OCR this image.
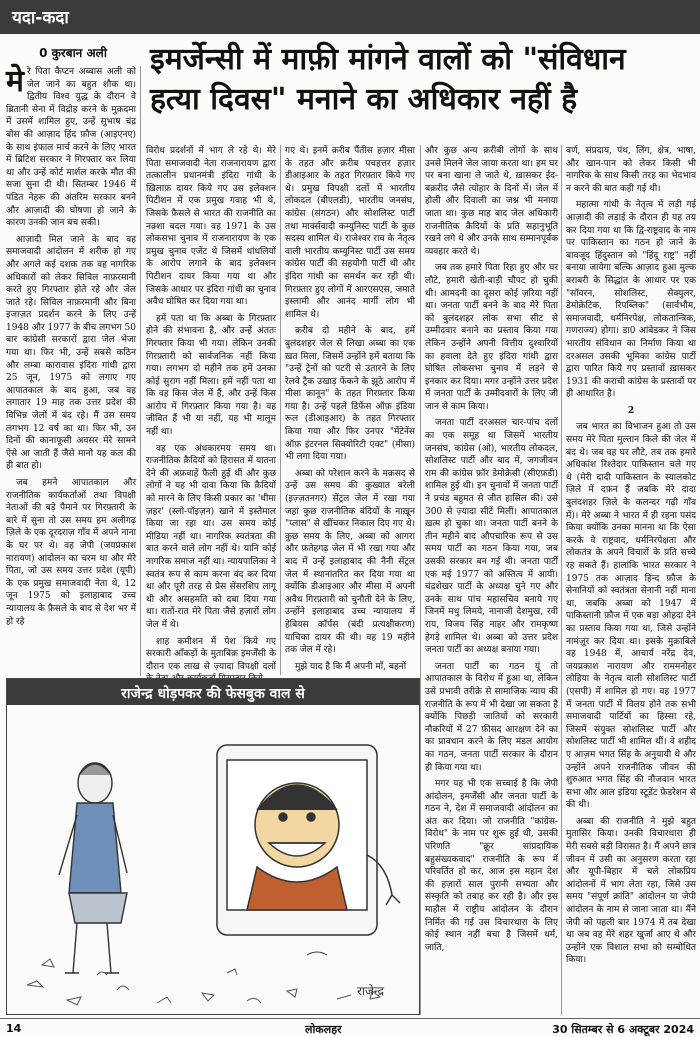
यदा-कदा
0 कुरबान अली	इमर्जेन्सी में माफ़ी मांगने वालों को "संविधान
हत्या दिवस" मनाने का अधिकार नहीं है
मे रे पिता कैप्टन अब्बास अली को जेल जाने का बहुत शौक था। द्वितीय विश्व युद्ध के दौरान वे ब्रितानी सेना में विद्रोह करने के मुक़दमा में उसमें शामिल हुए, उन्हें सुभाष चंद्र बोस की आज़ाद हिंद फ़ौज (आइएनए) के साथ इंफाल मार्च करने के लिए भारत में ब्रिटिश सरकार ने गिरफ्तार कर लिया था और उन्हें कोर्ट मार्शल करके मौत की सजा सुना दी थी। सितम्बर 1946 में पंडित नेहरू की अंतरिम सरकार बनने और आज़ादी की घोषणा हो जाने के कारण उनकी जान बच सकी।

आज़ादी मिल जाने के बाद वह समाजवादी आंदोलन में शरीक हो गए और अगले कई दशक तक वह नागरिक अधिकारों को लेकर सिविल नाफ़रमानी करते हुए गिरफ्तार होते रहे और जेल जाते रहे। सिविल नाफ़रमानी और बिना इजाज़त प्रदर्शन करने के लिए उन्हें 1948 और 1977 के बीच लगभग 50 बार कांग्रेसी सरकारों द्वारा जेल भेजा गया था। फिर भी, उन्हें सबसे कठिन और लम्बा कारावास इंदिरा गांधी द्वारा 25 जून, 1975 को लगाए गए आपातकाल के बाद हुआ, जब वह लगातार 19 माह तक उत्तर प्रदेश की विभिन्न जेलों में बंद रहे। मैं उस समय लगभग 12 वर्ष का था। फिर भी, उन दिनों की कानाफूसी अवसर मेरे सामने ऐसे आ जाती हैं जैसे मानो यह कल की ही बात हो।

जब हमने आपातकाल और राजनीतिक कार्यकर्ताओं तथा विपक्षी नेताओं की बड़े पैमाने पर गिरफ़्तारी के बारे में सुना तो उस समय हम अलीगढ़ ज़िले के एक दूरदराज़ गाँव में अपने नाना के घर पर थे। वह जेपी (जयप्रकाश नारायण) आंदोलन का चरम था और मेरे पिता, जो उस समय उत्तर प्रदेश (यूपी) के एक प्रमुख समाजवादी नेता थे, 12 जून 1975 को इलाहाबाद उच्च न्यायालय के फ़ैसले के बाद से देश भर में हो रहे

विरोध प्रदर्शनों में भाग ले रहे थे। मेरे पिता समाजवादी नेता राजनारायण द्वारा तत्कालीन प्रधानमंत्री इंदिरा गांधी के ख़िलाफ़ दायर किये गए उस इलेक्शन पिटीशन में एक प्रमुख गवाह भी थे, जिसके फ़ैसले से भारत की राजनीति का नक़्शा बदल गया। वह 1971 के उस लोकसभा चुनाव में राजनारायण के एक प्रमुख चुनाव एजेंट थे जिसमें धांधलियों के आरोप लगाने के बाद इलेक्शन पिटीशन दायर किया गया था और जिसके आधार पर इंदिरा गांधी का चुनाव अवैध घोषित कर दिया गया था।

हमें पता था कि अब्बा के गिरफ़्तार होने की संभावना है, और उन्हें अंततः गिरफ्तार किया भी गया। लेकिन उनकी गिरफ़्तारी को सार्वजनिक नहीं किया गया। लगभग दो महीने तक हमें उनका कोई सुराग नहीं मिला। हमें नहीं पता था कि वह किस जेल में हैं, और उन्हें किस आरोप में गिरफ़्तार किया गया है। वह जीवित हैं भी या नहीं, यह भी मालूम नहीं था।

वह एक अंधकारमय समय था। राजनीतिक क़ैदियों को हिरासत में यातना देने की अफ़वाहें फैली हुई थीं और कुछ लोगों ने यह भी दावा किया कि क़ैदियों को मारने के लिए किसी प्रकार का 'धीमा ज़हर' (स्लो-पॉइज़न) खाने में इस्तेमाल किया जा रहा था। उस समय कोई मीडिया नहीं था। नागरिक स्वतंत्रता की बात करने वाले लोग नहीं थे। यानि कोई नागरिक समाज नहीं था। न्यायपालिका ने स्वतंत्र रूप से काम करना बंद कर दिया था और पूरी तरह से प्रेस सेंसरशिप लागू थी और असहमति को दबा दिया गया था। रातों-रात मेरे पिता जैसे हज़ारों लोग जेल में थे।

शाह कमीशन में पेश किये गए सरकारी आँकड़ों के मुताबिक़ इमर्जेंसी के दौरान एक लाख से ज़्यादा विपक्षी दलों

गए थे। इनमें क़रीब पैंतीस हज़ार मीसा के तहत और क़रीब पचहत्तर हज़ार डीआइआर के तहत गिरफ़्तार किये गए थे। प्रमुख विपक्षी दलों में भारतीय लोकदल (बीएलडी), भारतीय जनसंघ, कांग्रेस (संगठन) और सोशलिस्ट पार्टी तथा मार्क्सवादी कम्युनिस्ट पार्टी के कुछ सदस्य शामिल थे। राजेश्वर राव के नेतृत्व वाली भारतीय कम्युनिस्ट पार्टी उस समय कांग्रेस पार्टी की सहयोगी पार्टी थी और इंदिरा गांधी का समर्थन कर रही थी। गिरफ़्तार हुए लोगों में आरएसएस, जमाते इस्लामी और आनंद मार्गी लोग भी शामिल थे।

क़रीब दो महीने के बाद, हमें बुलंदशहर जेल से लिखा अब्बा का एक ख़त मिला, जिसमें उन्होंने हमें बताया कि "उन्हें ट्रेनों को पटरी से उतारने के लिए रेलवे ट्रैक उखाड़ फेंकने के झूठे आरोप में मीसा क़ानून" के तहत गिरफ़्तार किया गया है। उन्हें पहले डिफेंस ऑफ़ इंडिया रूल (डीआइआर) के तहत गिरफ्तार किया गया और फिर उनपर "मेंटेनेंस ऑफ़ इंटरनल सिक्योरिटी एक्ट" (मीसा) भी लगा दिया गया।

अब्बा को परेशान करने के मक़सद से उन्हें उस समय की कुख्यात बरेली (इज़्ज़तनगर) सेंट्रल जेल में रखा गया जहां कुछ राजनीतिक बंदियों के नाख़ून "प्लास" से खींचकर निकाल दिए गए थे। कुछ समय के लिए, अब्बा को आगरा और फ़तेहगढ़ जेल में भी रखा गया और बाद में उन्हें इलाहाबाद की नैनी सेंट्रल जेल में स्थानांतरित कर दिया गया था क्योंकि डीआइआर और मीसा में अपनी अवैध गिरफ़्तारी को चुनौती देने के लिए, उन्होंने इलाहाबाद उच्च न्यायालय में हेबियस कॉर्पस (बंदी प्रत्यक्षीकरण) याचिका दायर की थी। वह 19 महीने तक जेल में रहे।

मुझे याद है कि मैं अपनी माँ, बहनों

और कुछ अन्य क़रीबी लोगों के साथ उनसे मिलने जेल जाया करता था। हम घर पर बना खाना ले जाते थे, ख़ासकर ईद-बक़रीद जैसे त्योहार के दिनों में। जेल में होली और दिवाली का जश्न भी मनाया जाता था। कुछ माह बाद जेल अधिकारी राजनीतिक क़ैदियों के प्रति सहानुभूति रखने लगे थे और उनके साथ सम्मानपूर्वक व्यवहार करते थे।

जब तक हमारे पिता रिहा हुए और घर लौटे, हमारी खेती-बाड़ी चौपट हो चुकी थी। आमदनी का दूसरा कोई ज़रिया नहीं था। जनता पार्टी बनने के बाद मेरे पिता को बुलंदशहर लोक सभा सीट से उम्मीदवार बनाने का प्रस्ताव किया गया लेकिन उन्होंने अपनी वित्तीय दुश्वारियों का हवाला देते हुए इंदिरा गांधी द्वारा घोषित लोकसभा चुनाव में लड़ने से इनकार कर दिया। मगर उन्होंने उत्तर प्रदेश में जनता पार्टी के उम्मीदवारों के लिए जी जान से काम किया।

जनता पार्टी दरअसल चार-पांच दलों का एक समूह था जिसमें भारतीय जनसंघ, कांग्रेस (ओ), भारतीय लोकदल, सोशलिस्ट पार्टी और बाद में, जगजीवन राम की कांग्रेस फ़ॉर डेमोक्रेसी (सीएफ़डी) शामिल हुई थी। इन चुनावों में जनता पार्टी ने प्रचंड बहुमत से जीत हासिल की। उसे 300 से ज़्यादा सीटें मिलीं। आपातकाल ख़त्म हो चुका था। जनता पार्टी बनने के तीन महीने बाद औपचारिक रूप से उस समय पार्टी का गठन किया गया, जब उसकी सरकार बन गई थी। जनता पार्टी एक मई 1977 को अस्तित्व में आयी। चंद्रशेखर पार्टी के अध्यक्ष चुने गए और उनके साथ पांच महासचिव बनाये गए जिनमें मधु लिमये, नानाजी देशमुख, रवी राय, विजय सिंह नाहर और रामकृष्ण हेगड़े शामिल थे। अब्बा को उत्तर प्रदेश जनता पार्टी का अध्यक्ष बनाया गया।

जनता पार्टी का गठन यूं तो आपातकाल के विरोध में हुआ था, लेकिन उसे प्रभावी तरीक़े से सामाजिक न्याय की राजनीति के रूप में भी देखा जा सकता है क्योंकि पिछड़ी जातियों को सरकारी नौकरियों में 27 फ़ीसद आरक्षण देने का का प्रावधान करने के लिए मंडल आयोग का गठन, जनता पार्टी सरकार के दौरान ही किया गया था।

मगर यह भी एक सच्चाई है कि जेपी आंदोलन, इमर्जेंसी और जनता पार्टी के गठन ने, देश में समाजवादी आंदोलन का अंत कर दिया। जो राजनीति "कांग्रेस-विरोध" के नाम पर शुरू हुई थी, उसकी परिणति "क्रूर सांप्रदायिक बहुसंख्यकवाद" राजनीति के रूप में परिवर्तित हो कर, आज इस महान देश की हज़ारों साल पुरानी सभ्यता और संस्कृति को तबाह कर रही है। और इस माहौल में राष्ट्रीय आंदोलन के दौरान निर्मित की गई उस विचारधारा के लिए कोई स्थान नहीं बचा है जिसमें धर्म, जाति,

वर्ण, संप्रदाय, पंथ, लिंग, क्षेत्र, भाषा, और खान-पान को लेकर किसी भी नागरिक के साथ किसी तरह का भेदभाव न करने की बात कही गई थी।

महात्मा गांधी के नेतृत्व में लड़ी गई आज़ादी की लड़ाई के दौरान ही यह तय कर दिया गया था कि द्वि-राष्ट्रवाद के नाम पर पाकिस्तान का गठन हो जाने के बावजूद हिंदुस्तान को "हिंदू राष्ट्र" नहीं बनाया जायेगा बल्कि आज़ाद हुआ मुल्क बराबरी के सिद्धांत के आधार पर एक "सॉवरन, सोशलिस्ट, सेक्युलर, डेमोक्रेटिक, रिपब्लिक" (सार्वभौम, समाजवादी, धर्मनिरपेक्ष, लोकतान्त्रिक, गणराज्य) होगा। डा0 आंबेडकर ने जिस भारतीय संविधान का निर्माण किया था दरअसल उसकी भूमिका कांग्रेस पार्टी द्वारा पारित किये गए प्रस्तावों ख़ासकर 1931 की कराची कांग्रेस के प्रस्तावों पर ही आधारित है।

2

जब भारत का विभाजन हुआ तो उस समय मेरे पिता मुल्तान किले की जेल में बंद थे। जब वह घर लौटे, तब तक हमारे अधिकांश रिश्तेदार पाकिस्तान चले गए थे (मेरी दादी पाकिस्तान के स्यालकोट ज़िले में दफ़न हैं जबकि मेरे दादा बुलंदशहर ज़िले के कलन्दर गढ़ी गाँव में)। मेरे अब्बा ने भारत में ही रहना पसंद किया क्योंकि उनका मानना था कि ऐसा करके वे राष्ट्रवाद, धर्मनिरपेक्षता और लोकतंत्र के अपने विचारों के प्रति सच्चे रह सकते हैं। हालांकि भारत सरकार ने 1975 तक आज़ाद हिन्द फ़ौज के सेनानियों को स्वतंत्रता सेनानी नहीं माना था, जबकि अब्बा को 1947 में पाकिस्तानी फ़ौज में एक बड़ा ओहदा देने का प्रस्ताव किया गया था, जिसे उन्होंने नामंज़ूर कर दिया था। इसके मुक़ाबिले वह 1948 में, आचार्य नरेंद्र देव, जयप्रकाश नारायण और राममनोहर लोहिया के नेतृत्व वाली सोशलिस्ट पार्टी (एसपी) में शामिल हो गए। वह 1977 में जनता पार्टी में विलय होने तक सभी समाजवादी पार्टियों का हिस्सा रहे, जिसमें संयुक्त सोशलिस्ट पार्टी और सोशलिस्ट पार्टी भी शामिल थीं। वे शहीद ए आज़म भगत सिंह के अनुयायी थे और उन्होंने अपने राजनीतिक जीवन की शुरुआत भगत सिंह की नौजवान भारत सभा और आल इंडिया स्टूडेंट फ़ेडरेशन से की थी।

अब्बा की राजनीति ने मुझे बहुत मुतासिर किया। उनकी विचारधारा ही मेरी सबसे बड़ी विरासत है। मैं अपने छात्र जीवन में उसी का अनुसरण करता रहा और यूपी-बिहार में चले लोकप्रिय आंदोलनों में भाग लेता रहा, जिसे उस समय "संपूर्ण क्रांति" आंदोलन या जेपी आंदोलन के नाम से जाना जाता था। मैंने जेपी को पहली बार 1974 में तब देखा था जब वह मेरे शहर खुर्जा आए थे और उन्होंने एक विशाल सभा को सम्बोधित किया।

राजेन्द्र धोड़पकर की फेसबुक वाल से
राजेन्द्र
14	लोकलहर	30 सितम्बर से 6 अक्टूबर 2024
